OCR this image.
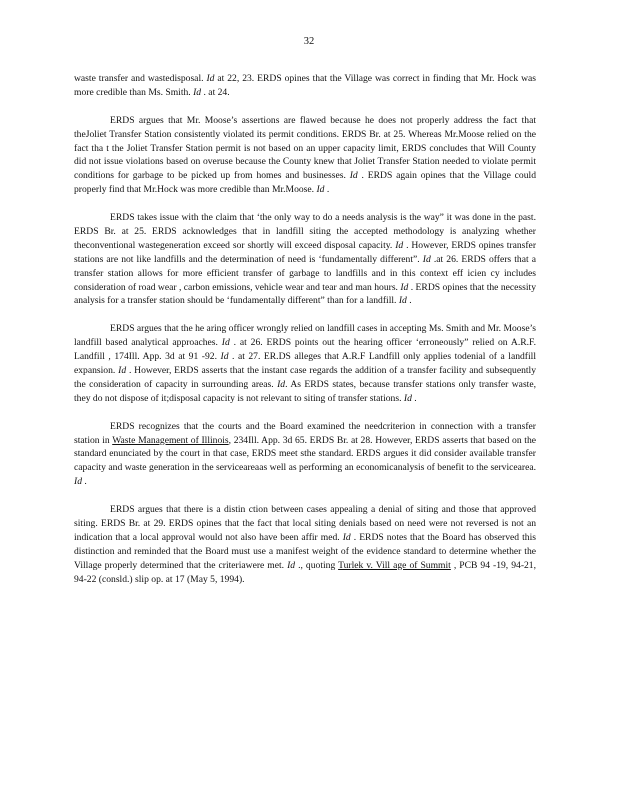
32

waste transfer and wastedisposal. Id at 22, 23. ERDS opines that the Village was correct in finding that Mr. Hock was more credible than Ms. Smith. Id . at 24.

ERDS argues that Mr. Moose’s assertions are flawed because he does not properly address the fact that theJoliet Transfer Station consistently violated its permit conditions. ERDS Br. at 25. Whereas Mr.Moose relied on the fact tha t the Joliet Transfer Station permit is not based on an upper capacity limit, ERDS concludes that Will County did not issue violations based on overuse because the County knew that Joliet Transfer Station needed to violate permit conditions for garbage to be picked up from homes and businesses. Id . ERDS again opines that the Village could properly find that Mr.Hock was more credible than Mr.Moose. Id .

ERDS takes issue with the claim that ‘the only way to do a needs analysis is the way” it was done in the past. ERDS Br. at 25. ERDS acknowledges that in landfill siting the accepted methodology is analyzing whether theconventional wastegeneration exceed sor shortly will exceed disposal capacity. Id . However, ERDS opines transfer stations are not like landfills and the determination of need is ‘fundamentally different”. Id .at 26. ERDS offers that a transfer station allows for more efficient transfer of garbage to landfills and in this context eff icien cy includes consideration of road wear , carbon emissions, vehicle wear and tear and man hours. Id . ERDS opines that the necessity analysis for a transfer station should be ‘fundamentally different” than for a landfill. Id .

ERDS argues that the he aring officer wrongly relied on landfill cases in accepting Ms. Smith and Mr. Moose’s landfill based analytical approaches. Id . at 26. ERDS points out the hearing officer ‘erroneously” relied on A.R.F. Landfill , 174Ill. App. 3d at 91 -92. Id . at 27. ER.DS alleges that A.R.F Landfill only applies todenial of a landfill expansion. Id . However, ERDS asserts that the instant case regards the addition of a transfer facility and subsequently the consideration of capacity in surrounding areas. Id. As ERDS states, because transfer stations only transfer waste, they do not dispose of it;disposal capacity is not relevant to siting of transfer stations. Id .

ERDS recognizes that the courts and the Board examined the needcriterion in connection with a transfer station in Waste Management of Illinois, 234Ill. App. 3d 65. ERDS Br. at 28. However, ERDS asserts that based on the standard enunciated by the court in that case, ERDS meet sthe standard. ERDS argues it did consider available transfer capacity and waste generation in the serviceareaas well as performing an economicanalysis of benefit to the servicearea. Id .

ERDS argues that there is a distin ction between cases appealing a denial of siting and those that approved siting. ERDS Br. at 29. ERDS opines that the fact that local siting denials based on need were not reversed is not an indication that a local approval would not also have been affir med. Id . ERDS notes that the Board has observed this distinction and reminded that the Board must use a manifest weight of the evidence standard to determine whether the Village properly determined that the criteriawere met. Id ., quoting Turlek v. Vill age of Summit , PCB 94 -19, 94-21, 94-22 (consld.) slip op. at 17 (May 5, 1994).
